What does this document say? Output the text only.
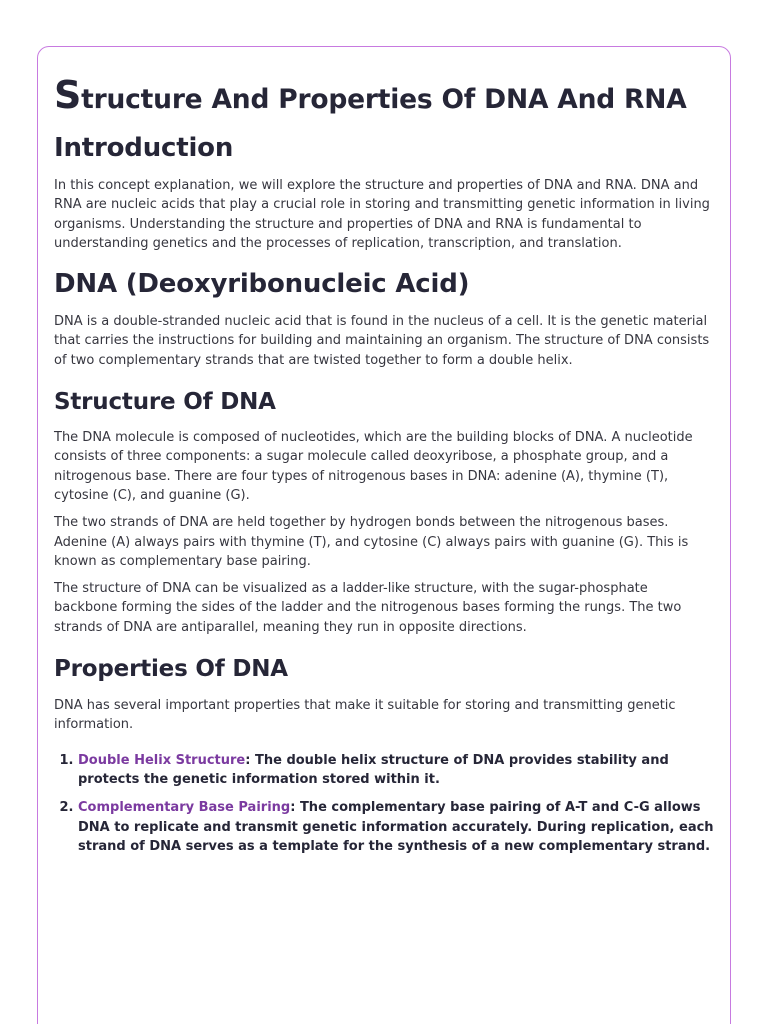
Structure And Properties Of DNA And RNA
Introduction

In this concept explanation, we will explore the structure and properties of DNA and RNA. DNA and RNA are nucleic acids that play a crucial role in storing and transmitting genetic information in living organisms. Understanding the structure and properties of DNA and RNA is fundamental to understanding genetics and the processes of replication, transcription, and translation.

DNA (Deoxyribonucleic Acid)

DNA is a double-stranded nucleic acid that is found in the nucleus of a cell. It is the genetic material that carries the instructions for building and maintaining an organism. The structure of DNA consists of two complementary strands that are twisted together to form a double helix.

Structure Of DNA

The DNA molecule is composed of nucleotides, which are the building blocks of DNA. A nucleotide consists of three components: a sugar molecule called deoxyribose, a phosphate group, and a nitrogenous base. There are four types of nitrogenous bases in DNA: adenine (A), thymine (T), cytosine (C), and guanine (G).

The two strands of DNA are held together by hydrogen bonds between the nitrogenous bases. Adenine (A) always pairs with thymine (T), and cytosine (C) always pairs with guanine (G). This is known as complementary base pairing.

The structure of DNA can be visualized as a ladder-like structure, with the sugar-phosphate backbone forming the sides of the ladder and the nitrogenous bases forming the rungs. The two strands of DNA are antiparallel, meaning they run in opposite directions.

Properties Of DNA

DNA has several important properties that make it suitable for storing and transmitting genetic information.

1. Double Helix Structure: The double helix structure of DNA provides stability and protects the genetic information stored within it.
2. Complementary Base Pairing: The complementary base pairing of A-T and C-G allows DNA to replicate and transmit genetic information accurately. During replication, each strand of DNA serves as a template for the synthesis of a new complementary strand.
